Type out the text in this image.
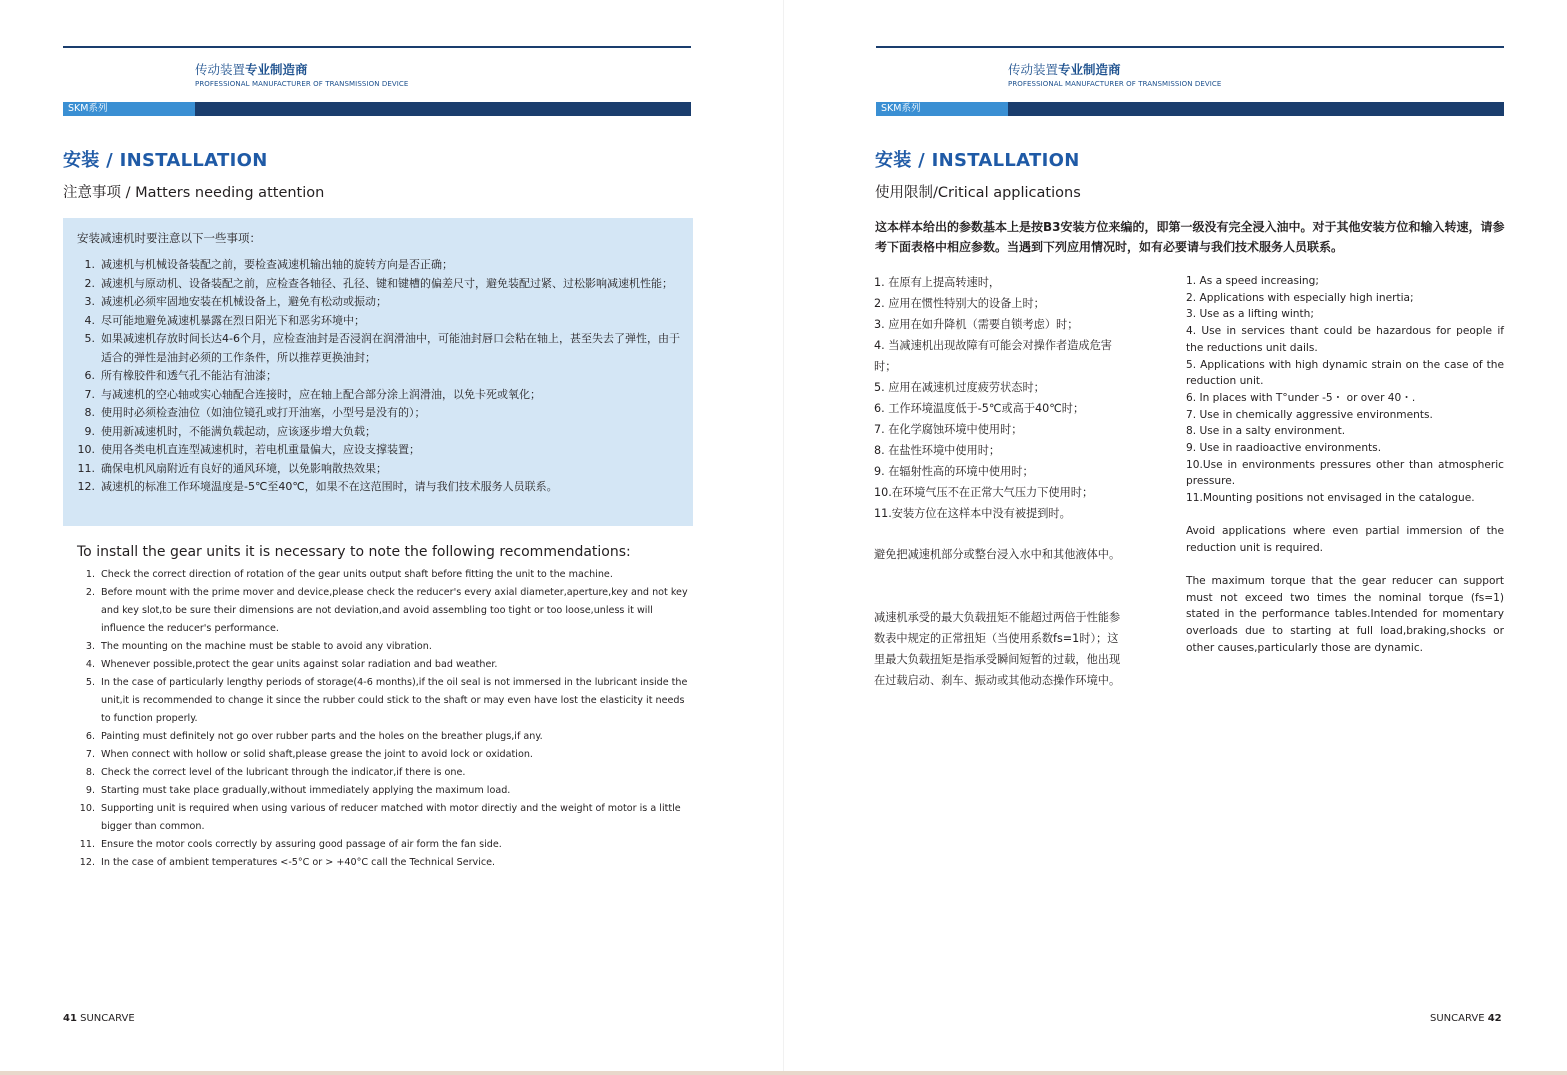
传动装置专业制造商
PROFESSIONAL MANUFACTURER OF TRANSMISSION DEVICE
SKM系列
安装 / INSTALLATION
注意事项 / Matters needing attention
安装减速机时要注意以下一些事项：
1. 减速机与机械设备装配之前，要检查减速机输出轴的旋转方向是否正确；
2. 减速机与原动机、设备装配之前，应检查各轴径、孔径、键和键槽的偏差尺寸，避免装配过紧、过松影响减速机性能；
3. 减速机必须牢固地安装在机械设备上，避免有松动或振动；
4. 尽可能地避免减速机暴露在烈日阳光下和恶劣环境中；
5. 如果减速机存放时间长达4-6个月，应检查油封是否浸润在润滑油中，可能油封唇口会粘在轴上，甚至失去了弹性，由于适合的弹性是油封必须的工作条件，所以推荐更换油封；
6. 所有橡胶件和透气孔不能沾有油漆；
7. 与减速机的空心轴或实心轴配合连接时，应在轴上配合部分涂上润滑油，以免卡死或氧化；
8. 使用时必须检查油位（如油位镜孔或打开油塞，小型号是没有的）；
9. 使用新减速机时，不能满负载起动，应该逐步增大负载；
10. 使用各类电机直连型减速机时，若电机重量偏大，应设支撑装置；
11. 确保电机风扇附近有良好的通风环境，以免影响散热效果；
12. 减速机的标准工作环境温度是-5℃至40℃，如果不在这范围时，请与我们技术服务人员联系。
To install the gear units it is necessary to note the following recommendations:
1. Check the correct direction of rotation of the gear units output shaft before fitting the unit to the machine.
2. Before mount with the prime mover and device,please check the reducer's every axial diameter,aperture,key and not key and key slot,to be sure their dimensions are not deviation,and avoid assembling too tight or too loose,unless it will influence the reducer's performance.
3. The mounting on the machine must be stable to avoid any vibration.
4. Whenever possible,protect the gear units against solar radiation and bad weather.
5. In the case of particularly lengthy periods of storage(4-6 months),if the oil seal is not immersed in the lubricant inside the unit,it is recommended to change it since the rubber could stick to the shaft or may even have lost the elasticity it needs to function properly.
6. Painting must definitely not go over rubber parts and the holes on the breather plugs,if any.
7. When connect with hollow or solid shaft,please grease the joint to avoid lock or oxidation.
8. Check the correct level of the lubricant through the indicator,if there is one.
9. Starting must take place gradually,without immediately applying the maximum load.
10. Supporting unit is required when using various of reducer matched with motor directiy and the weight of motor is a little bigger than common.
11. Ensure the motor cools correctly by assuring good passage of air form the fan side.
12. In the case of ambient temperatures <-5°C or > +40°C call the Technical Service.
41 SUNCARVE
传动装置专业制造商
PROFESSIONAL MANUFACTURER OF TRANSMISSION DEVICE
SKM系列
安装 / INSTALLATION
使用限制/Critical applications
这本样本给出的参数基本上是按B3安装方位来编的，即第一级没有完全浸入油中。对于其他安装方位和输入转速，请参考下面表格中相应参数。当遇到下列应用情况时，如有必要请与我们技术服务人员联系。
1. 在原有上提高转速时，
2. 应用在惯性特别大的设备上时；
3. 应用在如升降机（需要自锁考虑）时；
4. 当减速机出现故障有可能会对操作者造成危害时；
5. 应用在减速机过度疲劳状态时；
6. 工作环境温度低于-5℃或高于40℃时；
7. 在化学腐蚀环境中使用时；
8. 在盐性环境中使用时；
9. 在辐射性高的环境中使用时；
10.在环境气压不在正常大气压力下使用时；
11.安装方位在这样本中没有被提到时。
避免把减速机部分或整台浸入水中和其他液体中。
减速机承受的最大负载扭矩不能超过两倍于性能参数表中规定的正常扭矩（当使用系数fs=1时）；这里最大负载扭矩是指承受瞬间短暂的过载，他出现在过载启动、刹车、振动或其他动态操作环境中。
1. As a speed increasing;
2. Applications with especially high inertia;
3. Use as a lifting winth;
4. Use in services thant could be hazardous for people if the reductions unit dails.
5. Applications with high dynamic strain on the case of the reduction unit.
6. In places with T°under -5・ or over 40・.
7. Use in chemically aggressive environments.
8. Use in a salty environment.
9. Use in raadioactive environments.
10.Use in environments pressures other than atmospheric pressure.
11.Mounting positions not envisaged in the catalogue.
Avoid applications where even partial immersion of the reduction unit is required.
The maximum torque that the gear reducer can support must not exceed two times the nominal torque (fs=1) stated in the performance tables.Intended for momentary overloads due to starting at full load,braking,shocks or other causes,particularly those are dynamic.
SUNCARVE 42
